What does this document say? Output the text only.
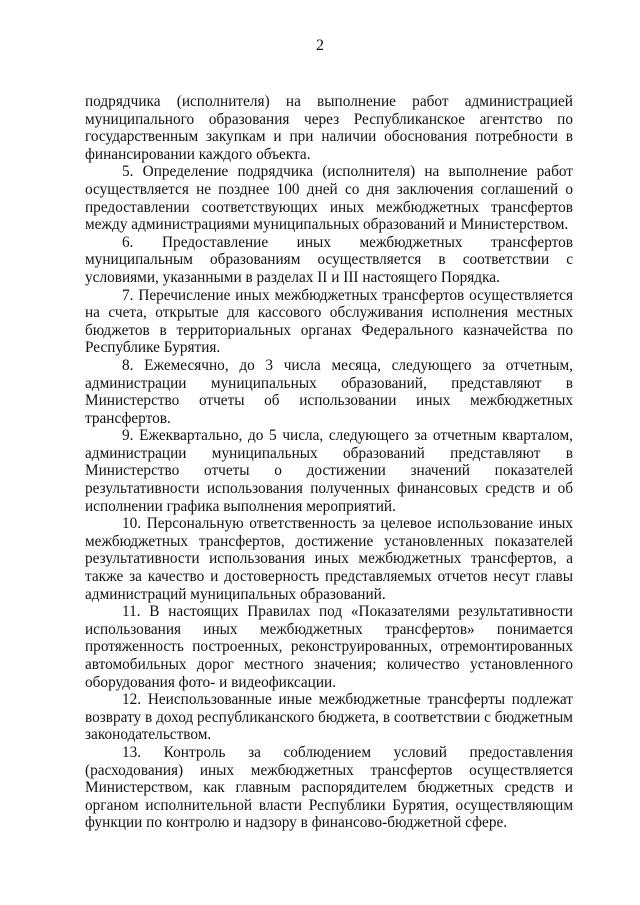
2

подрядчика (исполнителя) на выполнение работ администрацией муниципального образования через Республиканское агентство по государственным закупкам и при наличии обоснования потребности в финансировании каждого объекта.

5. Определение подрядчика (исполнителя) на выполнение работ осуществляется не позднее 100 дней со дня заключения соглашений о предоставлении соответствующих иных межбюджетных трансфертов между администрациями муниципальных образований и Министерством.

6. Предоставление иных межбюджетных трансфертов муниципальным образованиям осуществляется в соответствии с условиями, указанными в разделах II и III настоящего Порядка.

7. Перечисление иных межбюджетных трансфертов осуществляется на счета, открытые для кассового обслуживания исполнения местных бюджетов в территориальных органах Федерального казначейства по Республике Бурятия.

8. Ежемесячно, до 3 числа месяца, следующего за отчетным, администрации муниципальных образований, представляют в Министерство отчеты об использовании иных межбюджетных трансфертов.

9. Ежеквартально, до 5 числа, следующего за отчетным кварталом, администрации муниципальных образований представляют в Министерство отчеты о достижении значений показателей результативности использования полученных финансовых средств и об исполнении графика выполнения мероприятий.

10. Персональную ответственность за целевое использование иных межбюджетных трансфертов, достижение установленных показателей результативности использования иных межбюджетных трансфертов, а также за качество и достоверность представляемых отчетов несут главы администраций муниципальных образований.

11. В настоящих Правилах под «Показателями результативности использования иных межбюджетных трансфертов» понимается протяженность построенных, реконструированных, отремонтированных автомобильных дорог местного значения; количество установленного оборудования фото- и видеофиксации.

12. Неиспользованные иные межбюджетные трансферты подлежат возврату в доход республиканского бюджета, в соответствии с бюджетным законодательством.

13. Контроль за соблюдением условий предоставления (расходования) иных межбюджетных трансфертов осуществляется Министерством, как главным распорядителем бюджетных средств и органом исполнительной власти Республики Бурятия, осуществляющим функции по контролю и надзору в финансово-бюджетной сфере.
